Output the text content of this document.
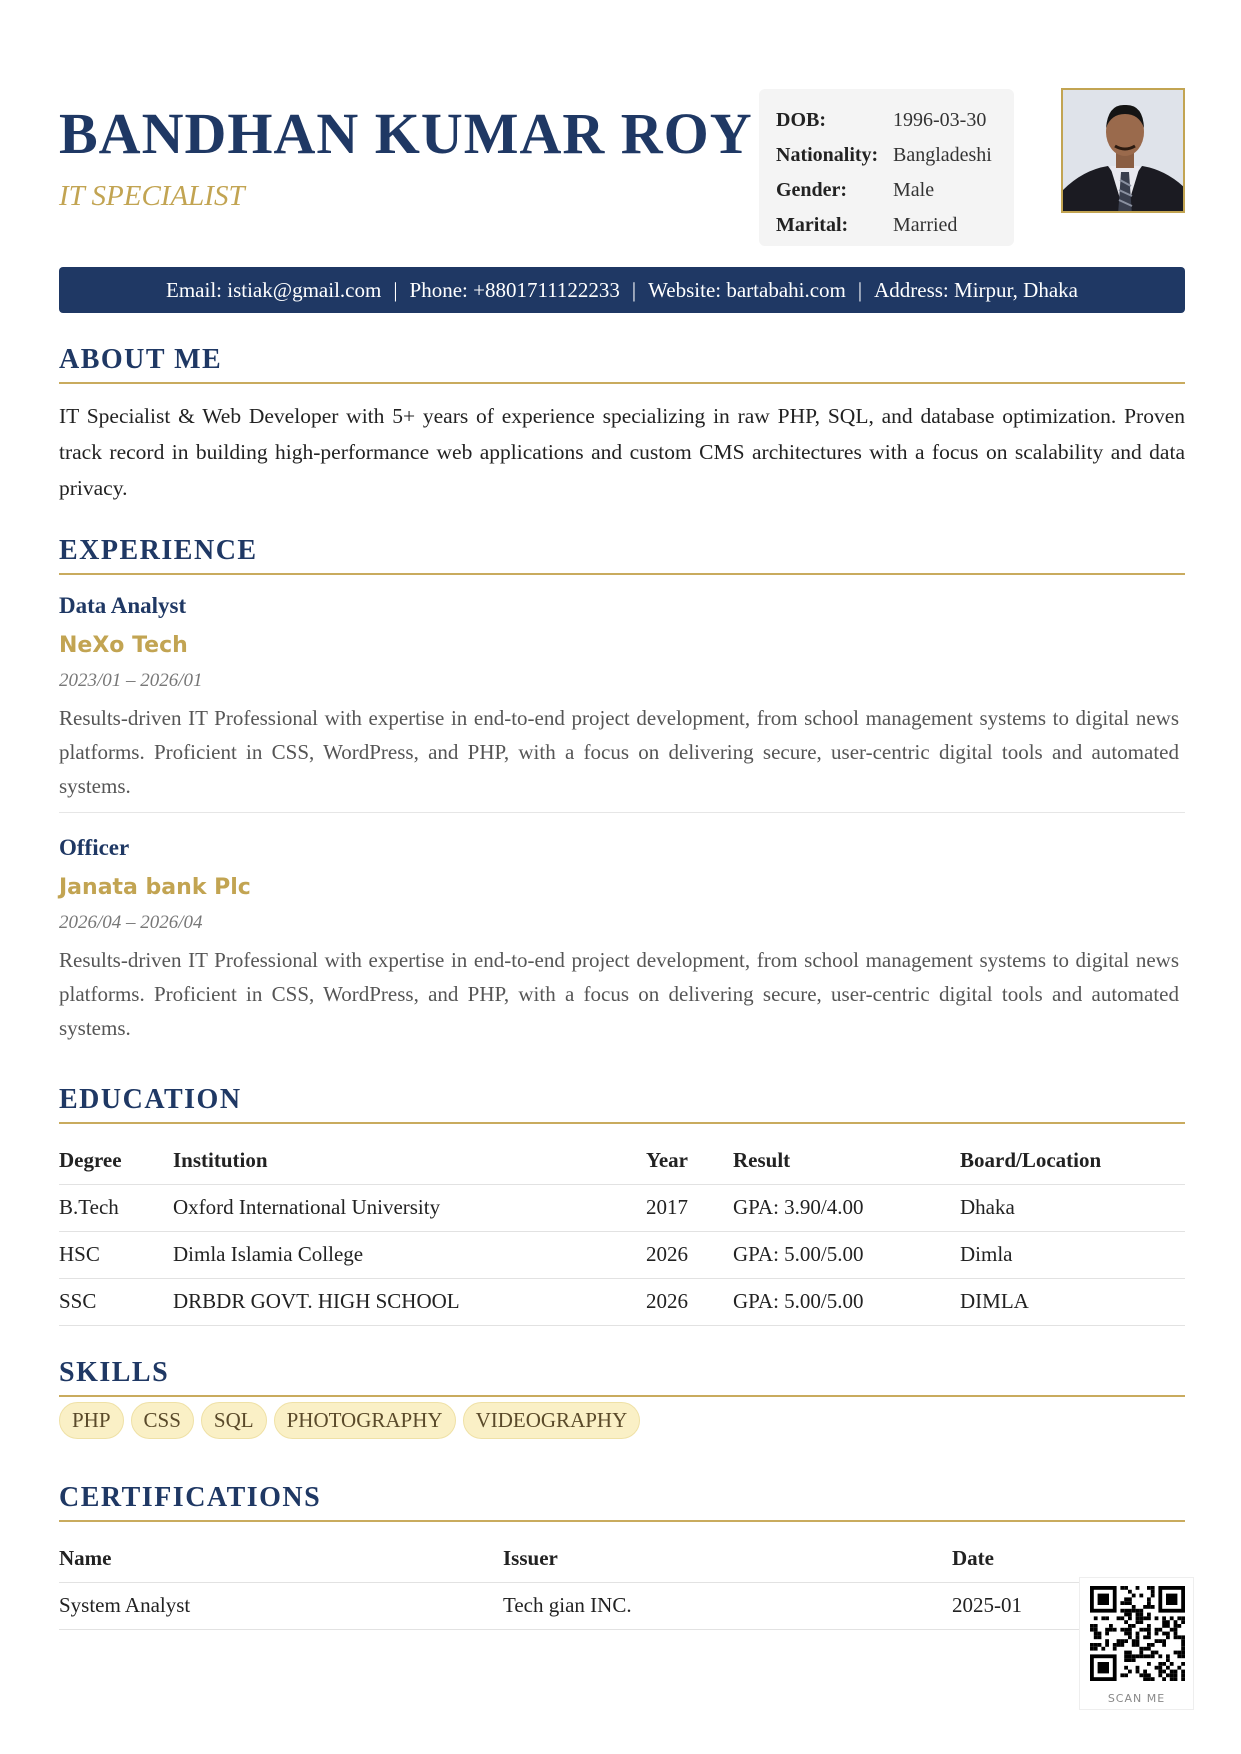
BANDHAN KUMAR ROY
IT SPECIALIST
DOB:	1996-03-30
Nationality: Bangladeshi
Gender:	Male
Marital:	Married
Email: istiak@gmail.com | Phone: +8801711122233 | Website: bartabahi.com | Address: Mirpur, Dhaka
ABOUT ME
IT Specialist & Web Developer with 5+ years of experience specializing in raw PHP, SQL, and database optimization. Proven track record in building high-performance web applications and custom CMS architectures with a focus on scalability and data privacy.
EXPERIENCE
Data Analyst
NeXo Tech
2023/01 – 2026/01
Results-driven IT Professional with expertise in end-to-end project development, from school management systems to digital news platforms. Proficient in CSS, WordPress, and PHP, with a focus on delivering secure, user-centric digital tools and automated systems.
Officer
Janata bank Plc
2026/04 – 2026/04
Results-driven IT Professional with expertise in end-to-end project development, from school management systems to digital news platforms. Proficient in CSS, WordPress, and PHP, with a focus on delivering secure, user-centric digital tools and automated systems.
EDUCATION
Degree	Institution	Year	Result	Board/Location
B.Tech	Oxford International University	2017	GPA: 3.90/4.00	Dhaka
HSC	Dimla Islamia College	2026	GPA: 5.00/5.00	Dimla
SSC	DRBDR GOVT. HIGH SCHOOL	2026	GPA: 5.00/5.00	DIMLA
SKILLS
PHP	CSS	SQL	PHOTOGRAPHY	VIDEOGRAPHY
CERTIFICATIONS
Name	Issuer	Date
System Analyst	Tech gian INC.	2025-01
SCAN ME
